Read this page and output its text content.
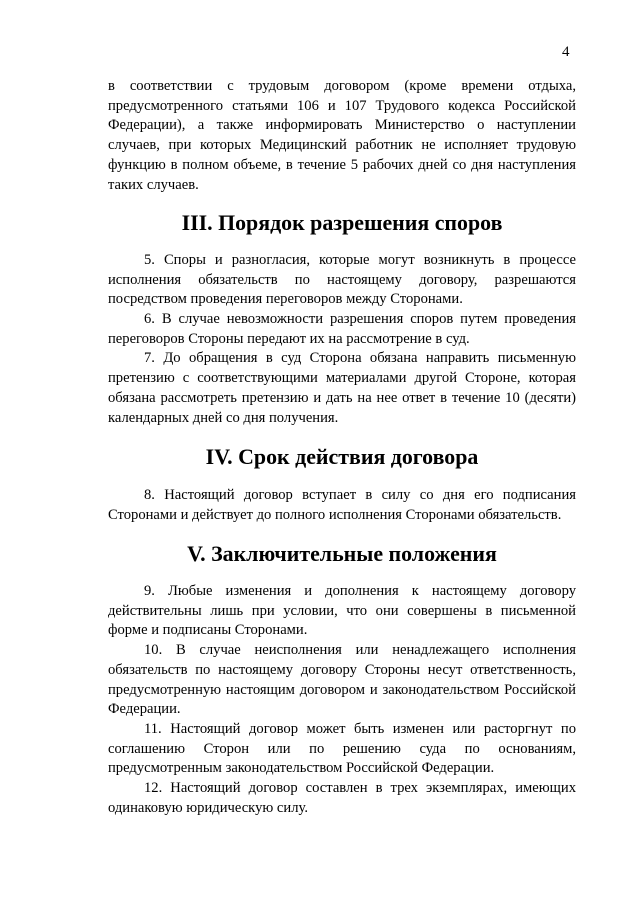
4

в соответствии с трудовым договором (кроме времени отдыха, предусмотренного статьями 106 и 107 Трудового кодекса Российской Федерации), а также информировать Министерство о наступлении случаев, при которых Медицинский работник не исполняет трудовую функцию в полном объеме, в течение 5 рабочих дней со дня наступления таких случаев.

III. Порядок разрешения споров

5. Споры и разногласия, которые могут возникнуть в процессе исполнения обязательств по настоящему договору, разрешаются посредством проведения переговоров между Сторонами.

6. В случае невозможности разрешения споров путем проведения переговоров Стороны передают их на рассмотрение в суд.

7. До обращения в суд Сторона обязана направить письменную претензию с соответствующими материалами другой Стороне, которая обязана рассмотреть претензию и дать на нее ответ в течение 10 (десяти) календарных дней со дня получения.

IV. Срок действия договора

8. Настоящий договор вступает в силу со дня его подписания Сторонами и действует до полного исполнения Сторонами обязательств.

V. Заключительные положения

9. Любые изменения и дополнения к настоящему договору действительны лишь при условии, что они совершены в письменной форме и подписаны Сторонами.

10. В случае неисполнения или ненадлежащего исполнения обязательств по настоящему договору Стороны несут ответственность, предусмотренную настоящим договором и законодательством Российской Федерации.

11. Настоящий договор может быть изменен или расторгнут по соглашению Сторон или по решению суда по основаниям, предусмотренным законодательством Российской Федерации.

12. Настоящий договор составлен в трех экземплярах, имеющих одинаковую юридическую силу.
